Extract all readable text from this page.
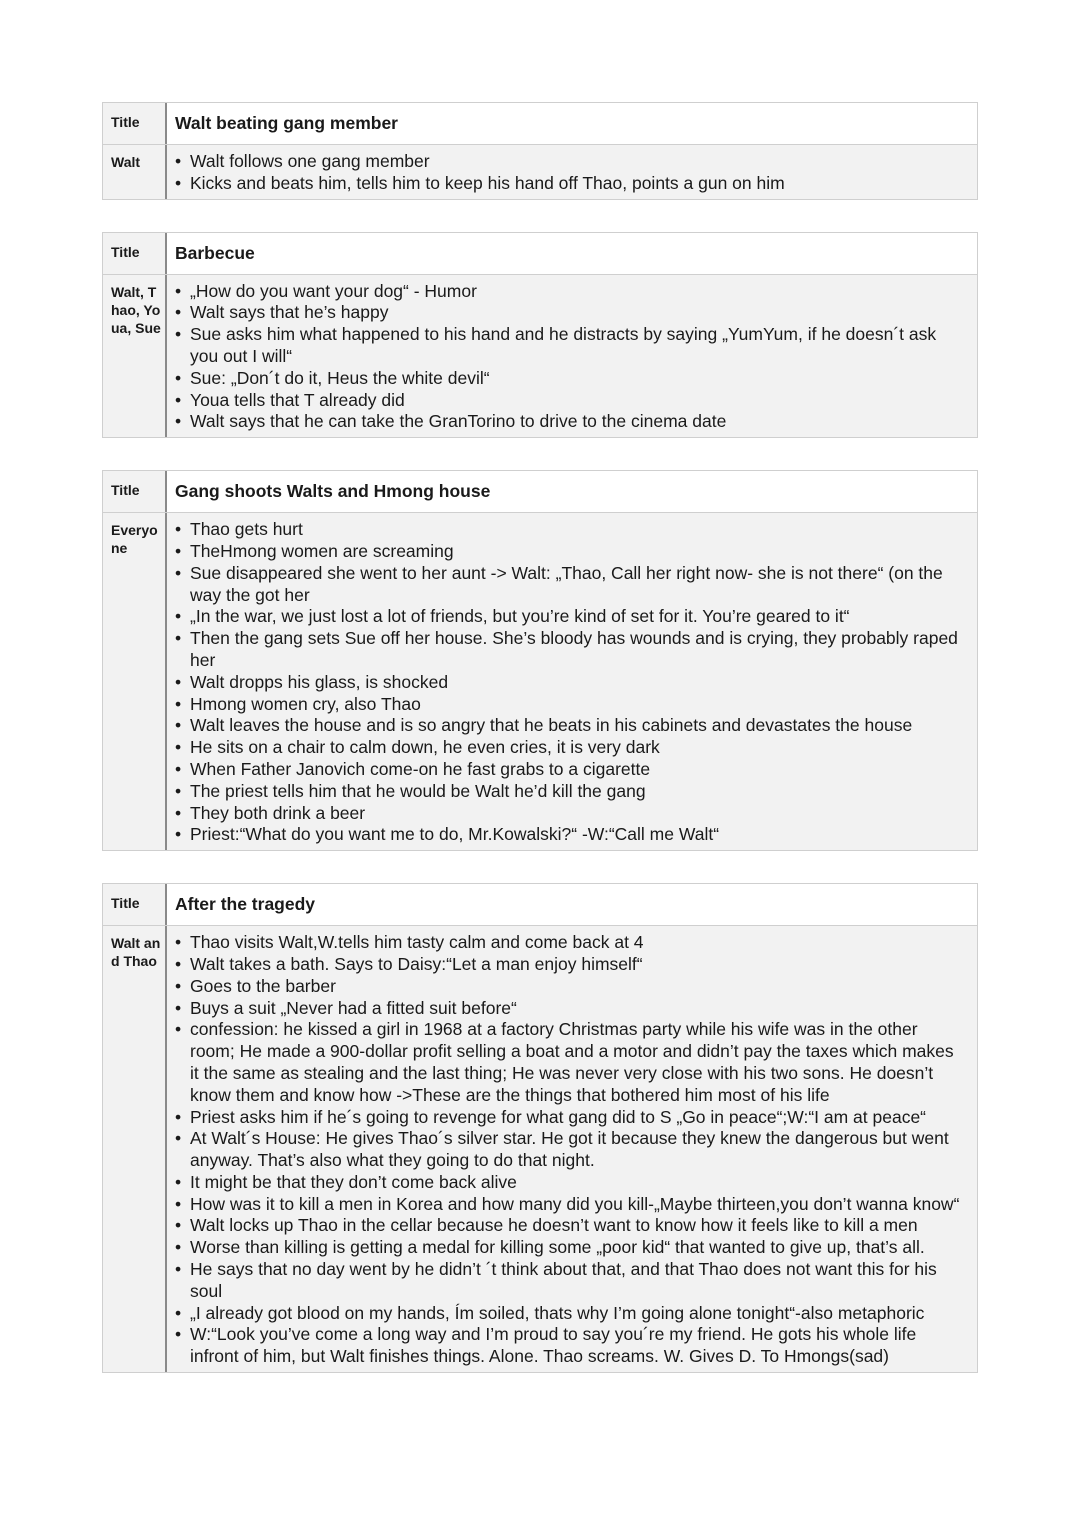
Title	Walt beating gang member
Walt
•	Walt follows one gang member
• Kicks and beats him, tells him to keep his hand off Thao, points a gun on him
Title	Barbecue
Walt, Thao, Youa, Sue
• „How do you want your dog“ - Humor
• Walt says that he’s happy
• Sue asks him what happened to his hand and he distracts by saying „YumYum, if he doesn´t ask you out I will“
• Sue: „Don´t do it, Heus the white devil“
• Youa tells that T already did
• Walt says that he can take the GranTorino to drive to the cinema date
Title	Gang shoots Walts and Hmong house
Everyone
• Thao gets hurt
• TheHmong women are screaming
• Sue disappeared she went to her aunt -> Walt: „Thao, Call her right now- she is not there“ (on the way the got her
• „In the war, we just lost a lot of friends, but you’re kind of set for it. You’re geared to it“
• Then the gang sets Sue off her house. She’s bloody has wounds and is crying, they probably raped her
• Walt dropps his glass, is shocked
• Hmong women cry, also Thao
• Walt leaves the house and is so angry that he beats in his cabinets and devastates the house
• He sits on a chair to calm down, he even cries, it is very dark
• When Father Janovich come-on he fast grabs to a cigarette
• The priest tells him that he would be Walt he’d kill the gang
• They both drink a beer
• Priest:“What do you want me to do, Mr.Kowalski?“ -W:“Call me Walt“
Title	After the tragedy
Walt and Thao
• Thao visits Walt,W.tells him tasty calm and come back at 4
• Walt takes a bath. Says to Daisy:“Let a man enjoy himself“
• Goes to the barber
• Buys a suit „Never had a fitted suit before“
• confession: he kissed a girl in 1968 at a factory Christmas party while his wife was in the other room; He made a 900-dollar profit selling a boat and a motor and didn’t pay the taxes which makes it the same as stealing and the last thing; He was never very close with his two sons. He doesn’t know them and know how ->These are the things that bothered him most of his life
• Priest asks him if he´s going to revenge for what gang did to S „Go in peace“;W:“I am at peace“
• At Walt´s House: He gives Thao´s silver star. He got it because they knew the dangerous but went anyway. That’s also what they going to do that night.
• It might be that they don’t come back alive
• How was it to kill a men in Korea and how many did you kill-„Maybe thirteen,you don’t wanna know“
• Walt locks up Thao in the cellar because he doesn’t want to know how it feels like to kill a men
• Worse than killing is getting a medal for killing some „poor kid“ that wanted to give up, that’s all.
• He says that no day went by he didn’t ´t think about that, and that Thao does not want this for his soul
• „I already got blood on my hands, Ím soiled, thats why I’m going alone tonight“-also metaphoric
• W:“Look you’ve come a long way and I’m proud to say you´re my friend. He gots his whole life infront of him, but Walt finishes things. Alone. Thao screams. W. Gives D. To Hmongs(sad)
